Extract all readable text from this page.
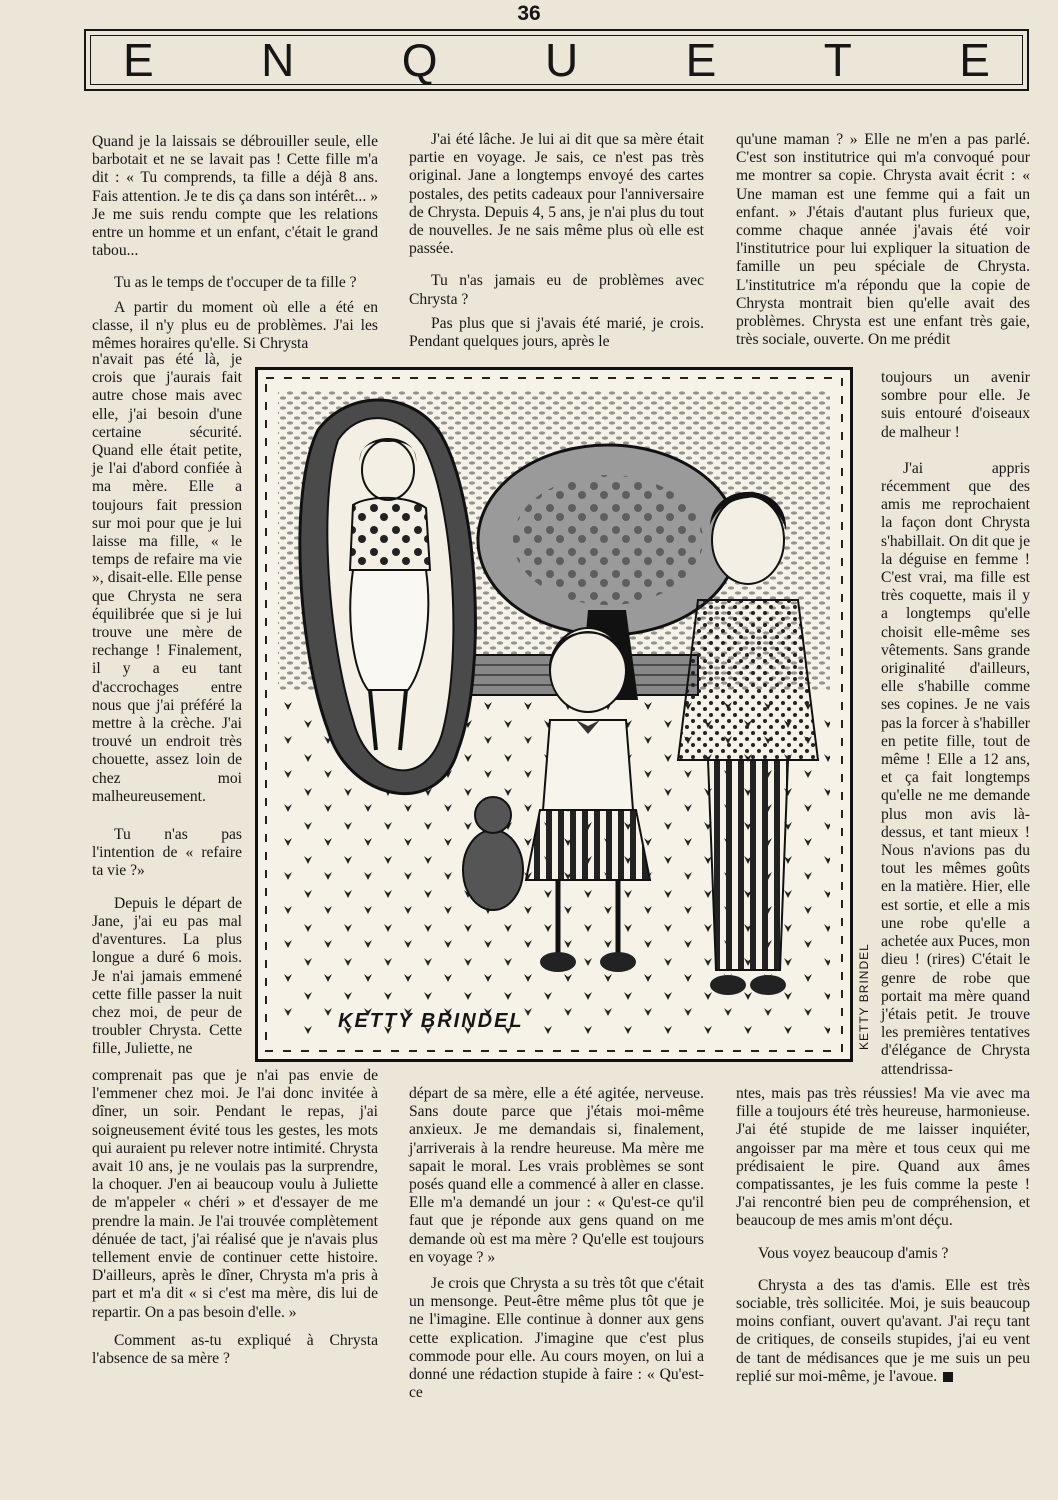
36
E N Q U E T E

Quand je la laissais se débrouiller seule, elle barbotait et ne se lavait pas ! Cette fille m'a dit : « Tu comprends, ta fille a déjà 8 ans. Fais attention. Je te dis ça dans son intérêt... » Je me suis rendu compte que les relations entre un homme et un enfant, c'était le grand tabou...

Tu as le temps de t'occuper de ta fille ?

A partir du moment où elle a été en classe, il n'y plus eu de problèmes. J'ai les mêmes horaires qu'elle. Si Chrysta

n'avait pas été là, je crois que j'aurais fait autre chose mais avec elle, j'ai besoin d'une certaine sécurité. Quand elle était petite, je l'ai d'abord confiée à ma mère. Elle a toujours fait pression sur moi pour que je lui laisse ma fille, « le temps de refaire ma vie », disait-elle. Elle pense que Chrysta ne sera équilibrée que si je lui trouve une mère de rechange ! Finalement, il y a eu tant d'accrochages entre nous que j'ai préféré la mettre à la crèche. J'ai trouvé un endroit très chouette, assez loin de chez moi malheureusement.

Tu n'as pas l'intention de « refaire ta vie ?»

Depuis le départ de Jane, j'ai eu pas mal d'aventures. La plus longue a duré 6 mois. Je n'ai jamais emmené cette fille passer la nuit chez moi, de peur de troubler Chrysta. Cette fille, Juliette, ne

comprenait pas que je n'ai pas envie de l'emmener chez moi. Je l'ai donc invitée à dîner, un soir. Pendant le repas, j'ai soigneusement évité tous les gestes, les mots qui auraient pu relever notre intimité. Chrysta avait 10 ans, je ne voulais pas la surprendre, la choquer. J'en ai beaucoup voulu à Juliette de m'appeler « chéri » et d'essayer de me prendre la main. Je l'ai trouvée complètement dénuée de tact, j'ai réalisé que je n'avais plus tellement envie de continuer cette histoire. D'ailleurs, après le dîner, Chrysta m'a pris à part et m'a dit « si c'est ma mère, dis lui de repartir. On a pas besoin d'elle. »

Comment as-tu expliqué à Chrysta l'absence de sa mère ?

J'ai été lâche. Je lui ai dit que sa mère était partie en voyage. Je sais, ce n'est pas très original. Jane a longtemps envoyé des cartes postales, des petits cadeaux pour l'anniversaire de Chrysta. Depuis 4, 5 ans, je n'ai plus du tout de nouvelles. Je ne sais même plus où elle est passée.

Tu n'as jamais eu de problèmes avec Chrysta ?

Pas plus que si j'avais été marié, je crois. Pendant quelques jours, après le

départ de sa mère, elle a été agitée, nerveuse. Sans doute parce que j'étais moi-même anxieux. Je me demandais si, finalement, j'arriverais à la rendre heureuse. Ma mère me sapait le moral. Les vrais problèmes se sont posés quand elle a commencé à aller en classe. Elle m'a demandé un jour : « Qu'est-ce qu'il faut que je réponde aux gens quand on me demande où est ma mère ? Qu'elle est toujours en voyage ? »

Je crois que Chrysta a su très tôt que c'était un mensonge. Peut-être même plus tôt que je ne l'imagine. Elle continue à donner aux gens cette explication. J'imagine que c'est plus commode pour elle. Au cours moyen, on lui a donné une rédaction stupide à faire : « Qu'est-ce

qu'une maman ? » Elle ne m'en a pas parlé. C'est son institutrice qui m'a convoqué pour me montrer sa copie. Chrysta avait écrit : « Une maman est une femme qui a fait un enfant. » J'étais d'autant plus furieux que, comme chaque année j'avais été voir l'institutrice pour lui expliquer la situation de famille un peu spéciale de Chrysta. L'institutrice m'a répondu que la copie de Chrysta montrait bien qu'elle avait des problèmes. Chrysta est une enfant très gaie, très sociale, ouverte. On me prédit

toujours un avenir sombre pour elle. Je suis entouré d'oiseaux de malheur !

J'ai appris récemment que des amis me reprochaient la façon dont Chrysta s'habillait. On dit que je la déguise en femme ! C'est vrai, ma fille est très coquette, mais il y a longtemps qu'elle choisit elle-même ses vêtements. Sans grande originalité d'ailleurs, elle s'habille comme ses copines. Je ne vais pas la forcer à s'habiller en petite fille, tout de même ! Elle a 12 ans, et ça fait longtemps qu'elle ne me demande plus mon avis là-dessus, et tant mieux ! Nous n'avions pas du tout les mêmes goûts en la matière. Hier, elle est sortie, et elle a mis une robe qu'elle a achetée aux Puces, mon dieu ! (rires) C'était le genre de robe que portait ma mère quand j'étais petit. Je trouve les premières tentatives d'élégance de Chrysta attendrissa-

ntes, mais pas très réussies! Ma vie avec ma fille a toujours été très heureuse, harmonieuse. J'ai été stupide de me laisser inquiéter, angoisser par ma mère et tous ceux qui me prédisaient le pire. Quand aux âmes compatissantes, je les fuis comme la peste ! J'ai rencontré bien peu de compréhension, et beaucoup de mes amis m'ont déçu.

Vous voyez beaucoup d'amis ?

Chrysta a des tas d'amis. Elle est très sociable, très sollicitée. Moi, je suis beaucoup moins confiant, ouvert qu'avant. J'ai reçu tant de critiques, de conseils stupides, j'ai eu vent de tant de médisances que je me suis un peu replié sur moi-même, je l'avoue.

KETTY BRINDEL	KETTY BRINDEL
